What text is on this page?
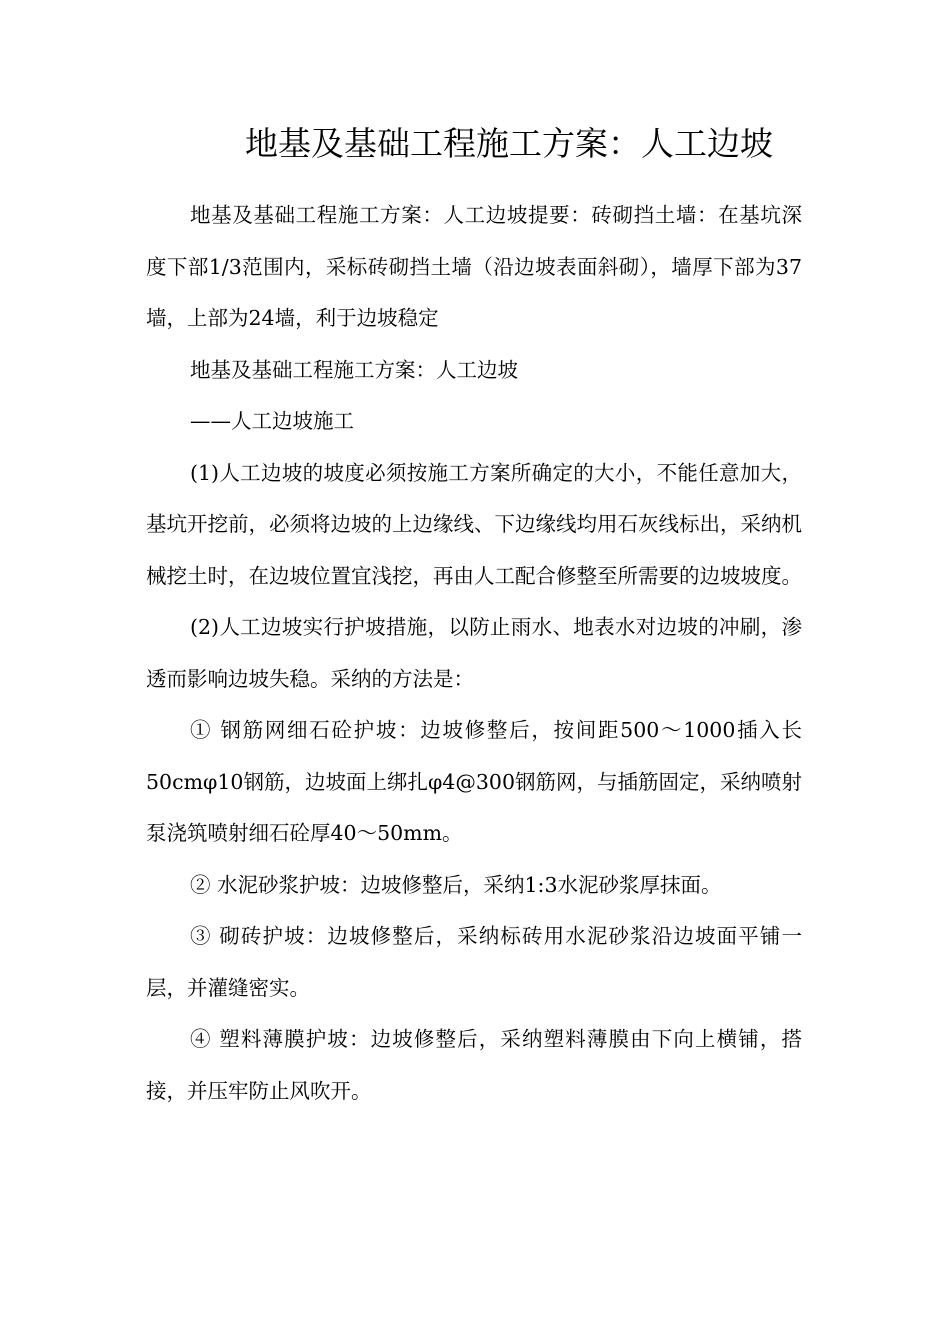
地基及基础工程施工方案：人工边坡

地基及基础工程施工方案：人工边坡提要：砖砌挡土墙：在基坑深度下部1/3范围内，采标砖砌挡土墙（沿边坡表面斜砌），墙厚下部为37墙，上部为24墙，利于边坡稳定

地基及基础工程施工方案：人工边坡

——人工边坡施工

(1)人工边坡的坡度必须按施工方案所确定的大小，不能任意加大，基坑开挖前，必须将边坡的上边缘线、下边缘线均用石灰线标出，采纳机械挖土时，在边坡位置宜浅挖，再由人工配合修整至所需要的边坡坡度。

(2)人工边坡实行护坡措施，以防止雨水、地表水对边坡的冲刷，渗透而影响边坡失稳。采纳的方法是：

① 钢筋网细石砼护坡：边坡修整后，按间距500～1000插入长50cmφ10钢筋，边坡面上绑扎φ4@300钢筋网，与插筋固定，采纳喷射泵浇筑喷射细石砼厚40～50mm。

② 水泥砂浆护坡：边坡修整后，采纳1:3水泥砂浆厚抹面。

③ 砌砖护坡：边坡修整后，采纳标砖用水泥砂浆沿边坡面平铺一层，并灌缝密实。

④ 塑料薄膜护坡：边坡修整后，采纳塑料薄膜由下向上横铺，搭接，并压牢防止风吹开。
